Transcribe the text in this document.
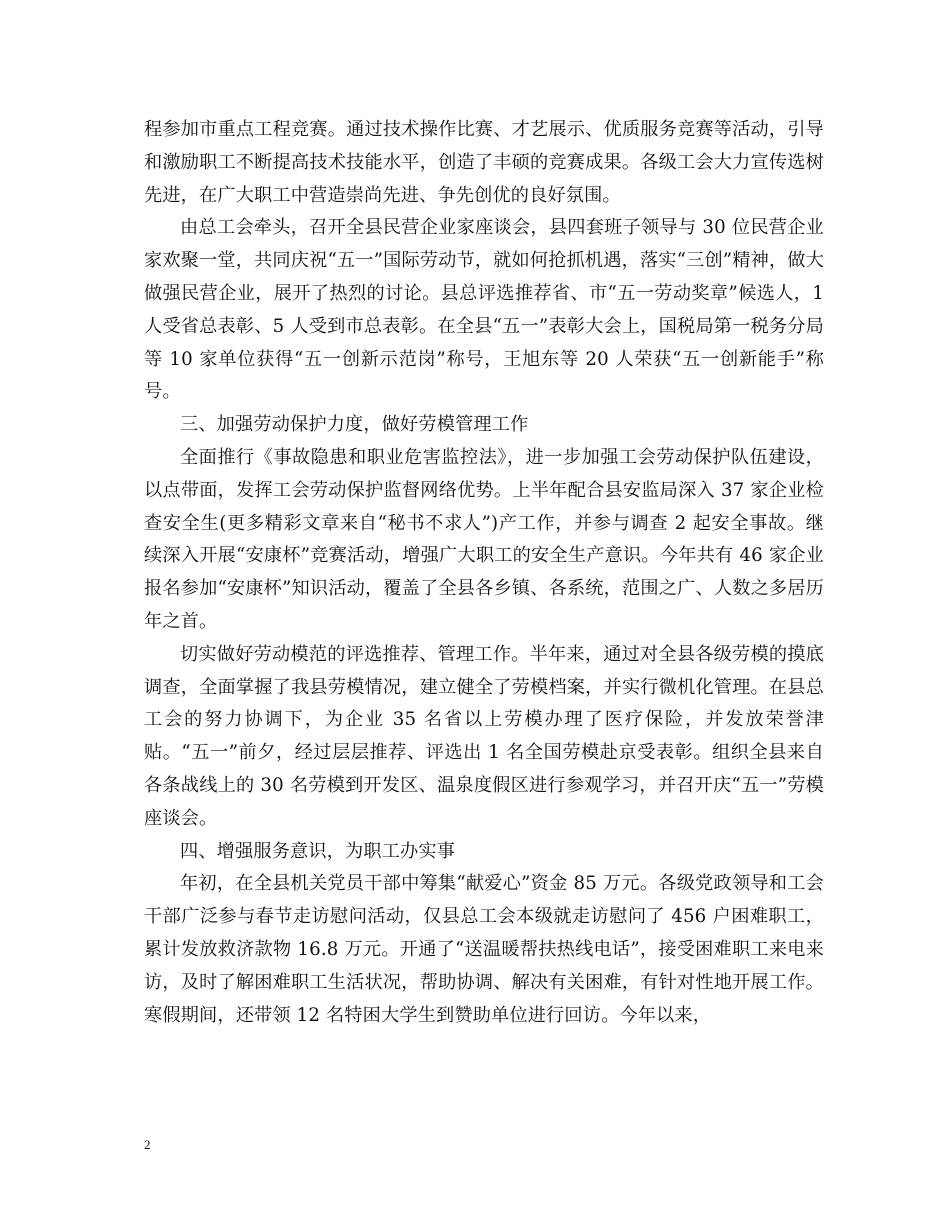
程参加市重点工程竞赛。通过技术操作比赛、才艺展示、优质服务竞赛等活动，引导和激励职工不断提高技术技能水平，创造了丰硕的竞赛成果。各级工会大力宣传选树先进，在广大职工中营造崇尚先进、争先创优的良好氛围。

由总工会牵头，召开全县民营企业家座谈会，县四套班子领导与 30 位民营企业家欢聚一堂，共同庆祝“五一”国际劳动节，就如何抢抓机遇，落实“三创”精神，做大做强民营企业，展开了热烈的讨论。县总评选推荐省、市“五一劳动奖章”候选人，1 人受省总表彰、5 人受到市总表彰。在全县“五一”表彰大会上，国税局第一税务分局等 10 家单位获得“五一创新示范岗”称号，王旭东等 20 人荣获“五一创新能手”称号。

三、加强劳动保护力度，做好劳模管理工作

全面推行《事故隐患和职业危害监控法》，进一步加强工会劳动保护队伍建设，以点带面，发挥工会劳动保护监督网络优势。上半年配合县安监局深入 37 家企业检查安全生(更多精彩文章来自“秘书不求人”)产工作，并参与调查 2 起安全事故。继续深入开展“安康杯”竞赛活动，增强广大职工的安全生产意识。今年共有 46 家企业报名参加“安康杯”知识活动，覆盖了全县各乡镇、各系统，范围之广、人数之多居历年之首。

切实做好劳动模范的评选推荐、管理工作。半年来，通过对全县各级劳模的摸底调查，全面掌握了我县劳模情况，建立健全了劳模档案，并实行微机化管理。在县总工会的努力协调下，为企业 35 名省以上劳模办理了医疗保险，并发放荣誉津贴。“五一”前夕，经过层层推荐、评选出 1 名全国劳模赴京受表彰。组织全县来自各条战线上的 30 名劳模到开发区、温泉度假区进行参观学习，并召开庆“五一”劳模座谈会。

四、增强服务意识，为职工办实事

年初，在全县机关党员干部中筹集“献爱心”资金 85 万元。各级党政领导和工会干部广泛参与春节走访慰问活动，仅县总工会本级就走访慰问了 456 户困难职工，累计发放救济款物 16.8 万元。开通了“送温暖帮扶热线电话”，接受困难职工来电来访，及时了解困难职工生活状况，帮助协调、解决有关困难，有针对性地开展工作。寒假期间，还带领 12 名特困大学生到赞助单位进行回访。今年以来，

2
